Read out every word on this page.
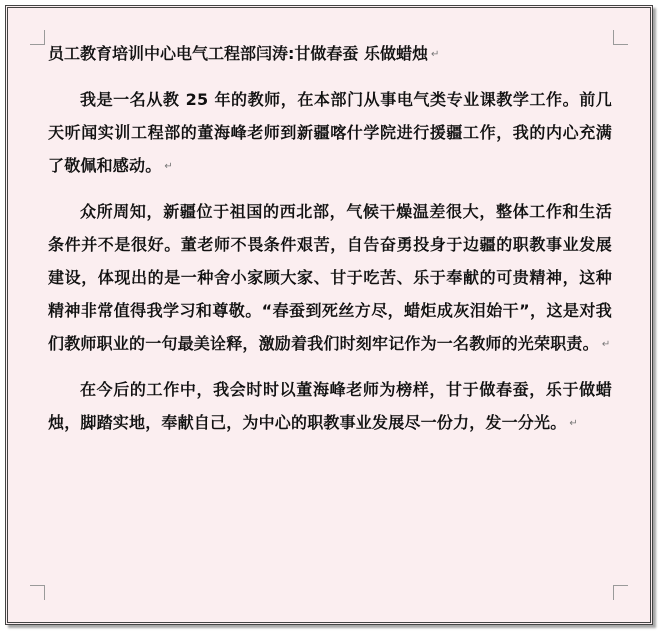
员工教育培训中心电气工程部闫涛:甘做春蚕 乐做蜡烛 ↵

我是一名从教 25 年的教师，在本部门从事电气类专业课教学工作。前几天听闻实训工程部的董海峰老师到新疆喀什学院进行援疆工作，我的内心充满了敬佩和感动。 ↵

众所周知，新疆位于祖国的西北部，气候干燥温差很大，整体工作和生活条件并不是很好。董老师不畏条件艰苦，自告奋勇投身于边疆的职教事业发展建设，体现出的是一种舍小家顾大家、甘于吃苦、乐于奉献的可贵精神，这种精神非常值得我学习和尊敬。“春蚕到死丝方尽，蜡炬成灰泪始干”，这是对我们教师职业的一句最美诠释，激励着我们时刻牢记作为一名教师的光荣职责。 ↵

在今后的工作中，我会时时以董海峰老师为榜样，甘于做春蚕，乐于做蜡烛，脚踏实地，奉献自己，为中心的职教事业发展尽一份力，发一分光。 ↵
